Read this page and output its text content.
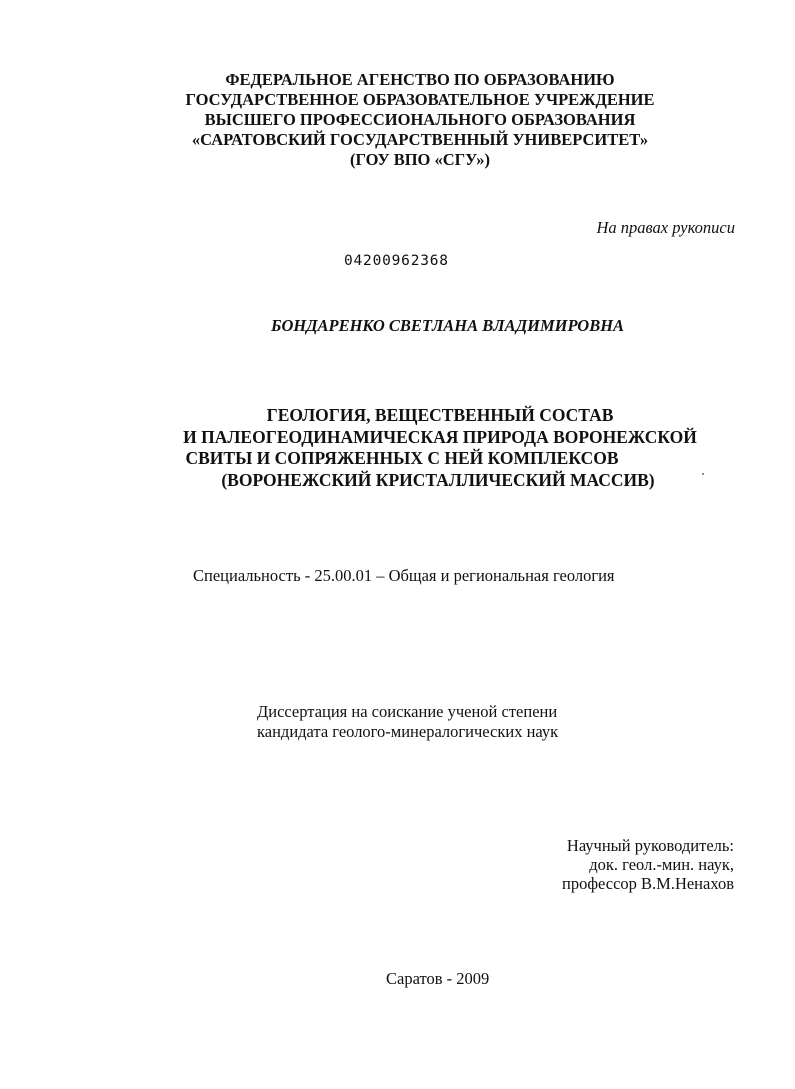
ФЕДЕРАЛЬНОЕ АГЕНСТВО ПО ОБРАЗОВАНИЮ
ГОСУДАРСТВЕННОЕ ОБРАЗОВАТЕЛЬНОЕ УЧРЕЖДЕНИЕ
ВЫСШЕГО ПРОФЕССИОНАЛЬНОГО ОБРАЗОВАНИЯ
«САРАТОВСКИЙ ГОСУДАРСТВЕННЫЙ УНИВЕРСИТЕТ»
(ГОУ ВПО «СГУ»)
На правах рукописи
04200962368
БОНДАРЕНКО СВЕТЛАНА ВЛАДИМИРОВНА
ГЕОЛОГИЯ, ВЕЩЕСТВЕННЫЙ СОСТАВ
И ПАЛЕОГЕОДИНАМИЧЕСКАЯ ПРИРОДА ВОРОНЕЖСКОЙ
СВИТЫ И СОПРЯЖЕННЫХ С НЕЙ КОМПЛЕКСОВ
(ВОРОНЕЖСКИЙ КРИСТАЛЛИЧЕСКИЙ МАССИВ)
Специальность - 25.00.01 – Общая и региональная геология
Диссертация на соискание ученой степени
кандидата геолого-минералогических наук
Научный руководитель:
док. геол.-мин. наук,
профессор В.М.Ненахов
Саратов - 2009
